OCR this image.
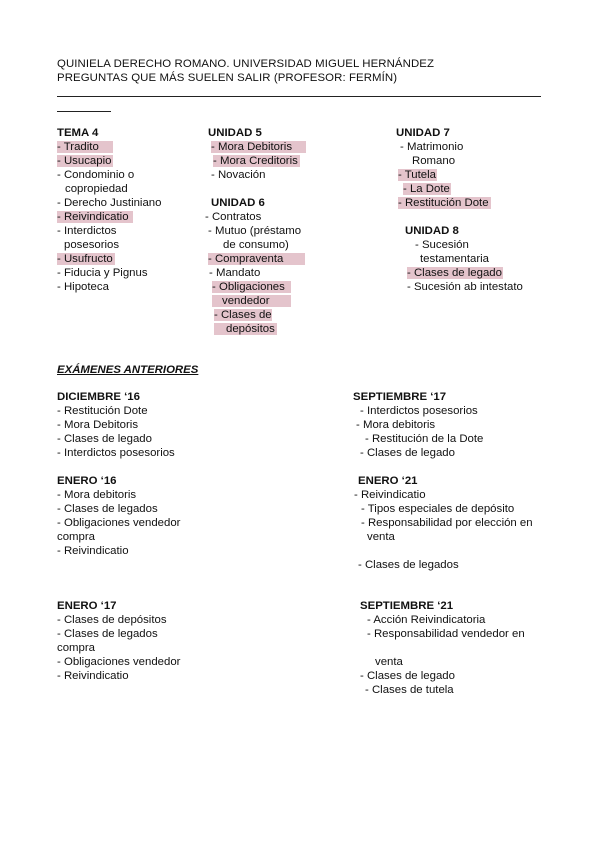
QUINIELA DERECHO ROMANO. UNIVERSIDAD MIGUEL HERNÁNDEZ
PREGUNTAS QUE MÁS SUELEN SALIR (PROFESOR: FERMÍN)
TEMA 4
- Tradito
- Usucapio
- Condominio o
copropiedad
- Derecho Justiniano
- Reivindicatio
- Interdictos
posesorios
- Usufructo
- Fiducia y Pignus
- Hipoteca
UNIDAD 5
- Mora Debitoris
- Mora Creditoris
- Novación
UNIDAD 6
- Contratos
- Mutuo (préstamo
de consumo)
- Compraventa
- Mandato
- Obligaciones
vendedor
- Clases de
depósitos
UNIDAD 7
- Matrimonio
Romano
- Tutela
- La Dote
- Restitución Dote
UNIDAD 8
- Sucesión
testamentaria
- Clases de legado
- Sucesión ab intestato
EXÁMENES ANTERIORES
DICIEMBRE ‘16
- Restitución Dote
- Mora Debitoris
- Clases de legado
- Interdictos posesorios
SEPTIEMBRE ‘17
- Interdictos posesorios
- Mora debitoris
- Restitución de la Dote
- Clases de legado
ENERO ‘16
- Mora debitoris
- Clases de legados
- Obligaciones vendedor
compra
- Reivindicatio
ENERO ‘21
- Reivindicatio
- Tipos especiales de depósito
- Responsabilidad por elección en
venta
- Clases de legados
ENERO ‘17
- Clases de depósitos
- Clases de legados
compra
- Obligaciones vendedor
- Reivindicatio
SEPTIEMBRE ‘21
- Acción Reivindicatoria
- Responsabilidad vendedor en
venta
- Clases de legado
- Clases de tutela
